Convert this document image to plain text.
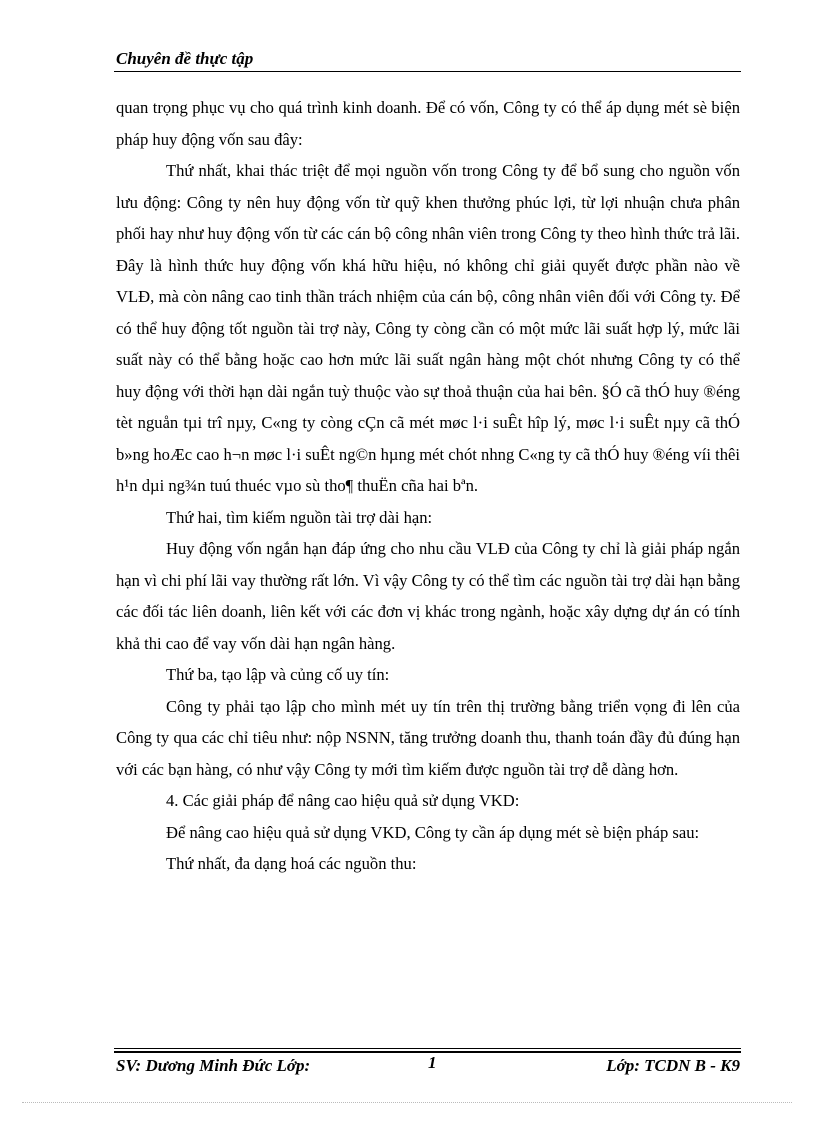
Chuyên đề thực tập

quan trọng phục vụ cho quá trình kinh doanh. Để có vốn, Công ty có thể áp dụng mét sè biện pháp huy động vốn sau đây:

Thứ nhất, khai thác triệt để mọi nguồn vốn trong Công ty để bổ sung cho nguồn vốn lưu động: Công ty nên huy động vốn từ quỹ khen thưởng phúc lợi, từ lợi nhuận chưa phân phối hay như huy động vốn từ các cán bộ công nhân viên trong Công ty theo hình thức trả lãi. Đây là hình thức huy động vốn khá hữu hiệu, nó không chỉ giải quyết được phần nào về VLĐ, mà còn nâng cao tinh thần trách nhiệm của cán bộ, công nhân viên đối với Công ty. Để có thể huy động tốt nguồn tài trợ này, Công ty còng cần có một mức lãi suất hợp lý, mức lãi suất này có thể bằng hoặc cao hơn mức lãi suất ngân hàng một chót nhưng Công ty có thể huy động với thời hạn dài ngắn tuỳ thuộc vào sự thoả thuận của hai bên. §Ó cã thÓ huy ®éng tèt nguån tµi trî nµy, C«ng ty còng cÇn cã mét møc l·i suÊt hîp lý, møc l·i suÊt nµy cã thÓ b»ng hoÆc cao h¬n møc l·i suÊt ng©n hµng mét chót nhng C«ng ty cã thÓ huy ®éng víi thêi h¹n dµi ng¾n tuú thuéc vµo sù tho¶ thuËn cña hai bªn.

Thứ hai, tìm kiếm nguồn tài trợ dài hạn:

Huy động vốn ngắn hạn đáp ứng cho nhu cầu VLĐ của Công ty chỉ là giải pháp ngắn hạn vì chi phí lãi vay thường rất lớn. Vì vậy Công ty có thể tìm các nguồn tài trợ dài hạn bằng các đối tác liên doanh, liên kết với các đơn vị khác trong ngành, hoặc xây dựng dự án có tính khả thi cao để vay vốn dài hạn ngân hàng.

Thứ ba, tạo lập và củng cố uy tín:

Công ty phải tạo lập cho mình mét uy tín trên thị trường bằng triển vọng đi lên của Công ty qua các chỉ tiêu như: nộp NSNN, tăng trưởng doanh thu, thanh toán đầy đủ đúng hạn với các bạn hàng, có như vậy Công ty mới tìm kiếm được nguồn tài trợ dễ dàng hơn.

4. Các giải pháp để nâng cao hiệu quả sử dụng VKD:

Để nâng cao hiệu quả sử dụng VKD, Công ty cần áp dụng mét sè biện pháp sau:

Thứ nhất, đa dạng hoá các nguồn thu:

SV: Dương Minh Đức Lớp:	1	Lớp: TCDN B - K9
